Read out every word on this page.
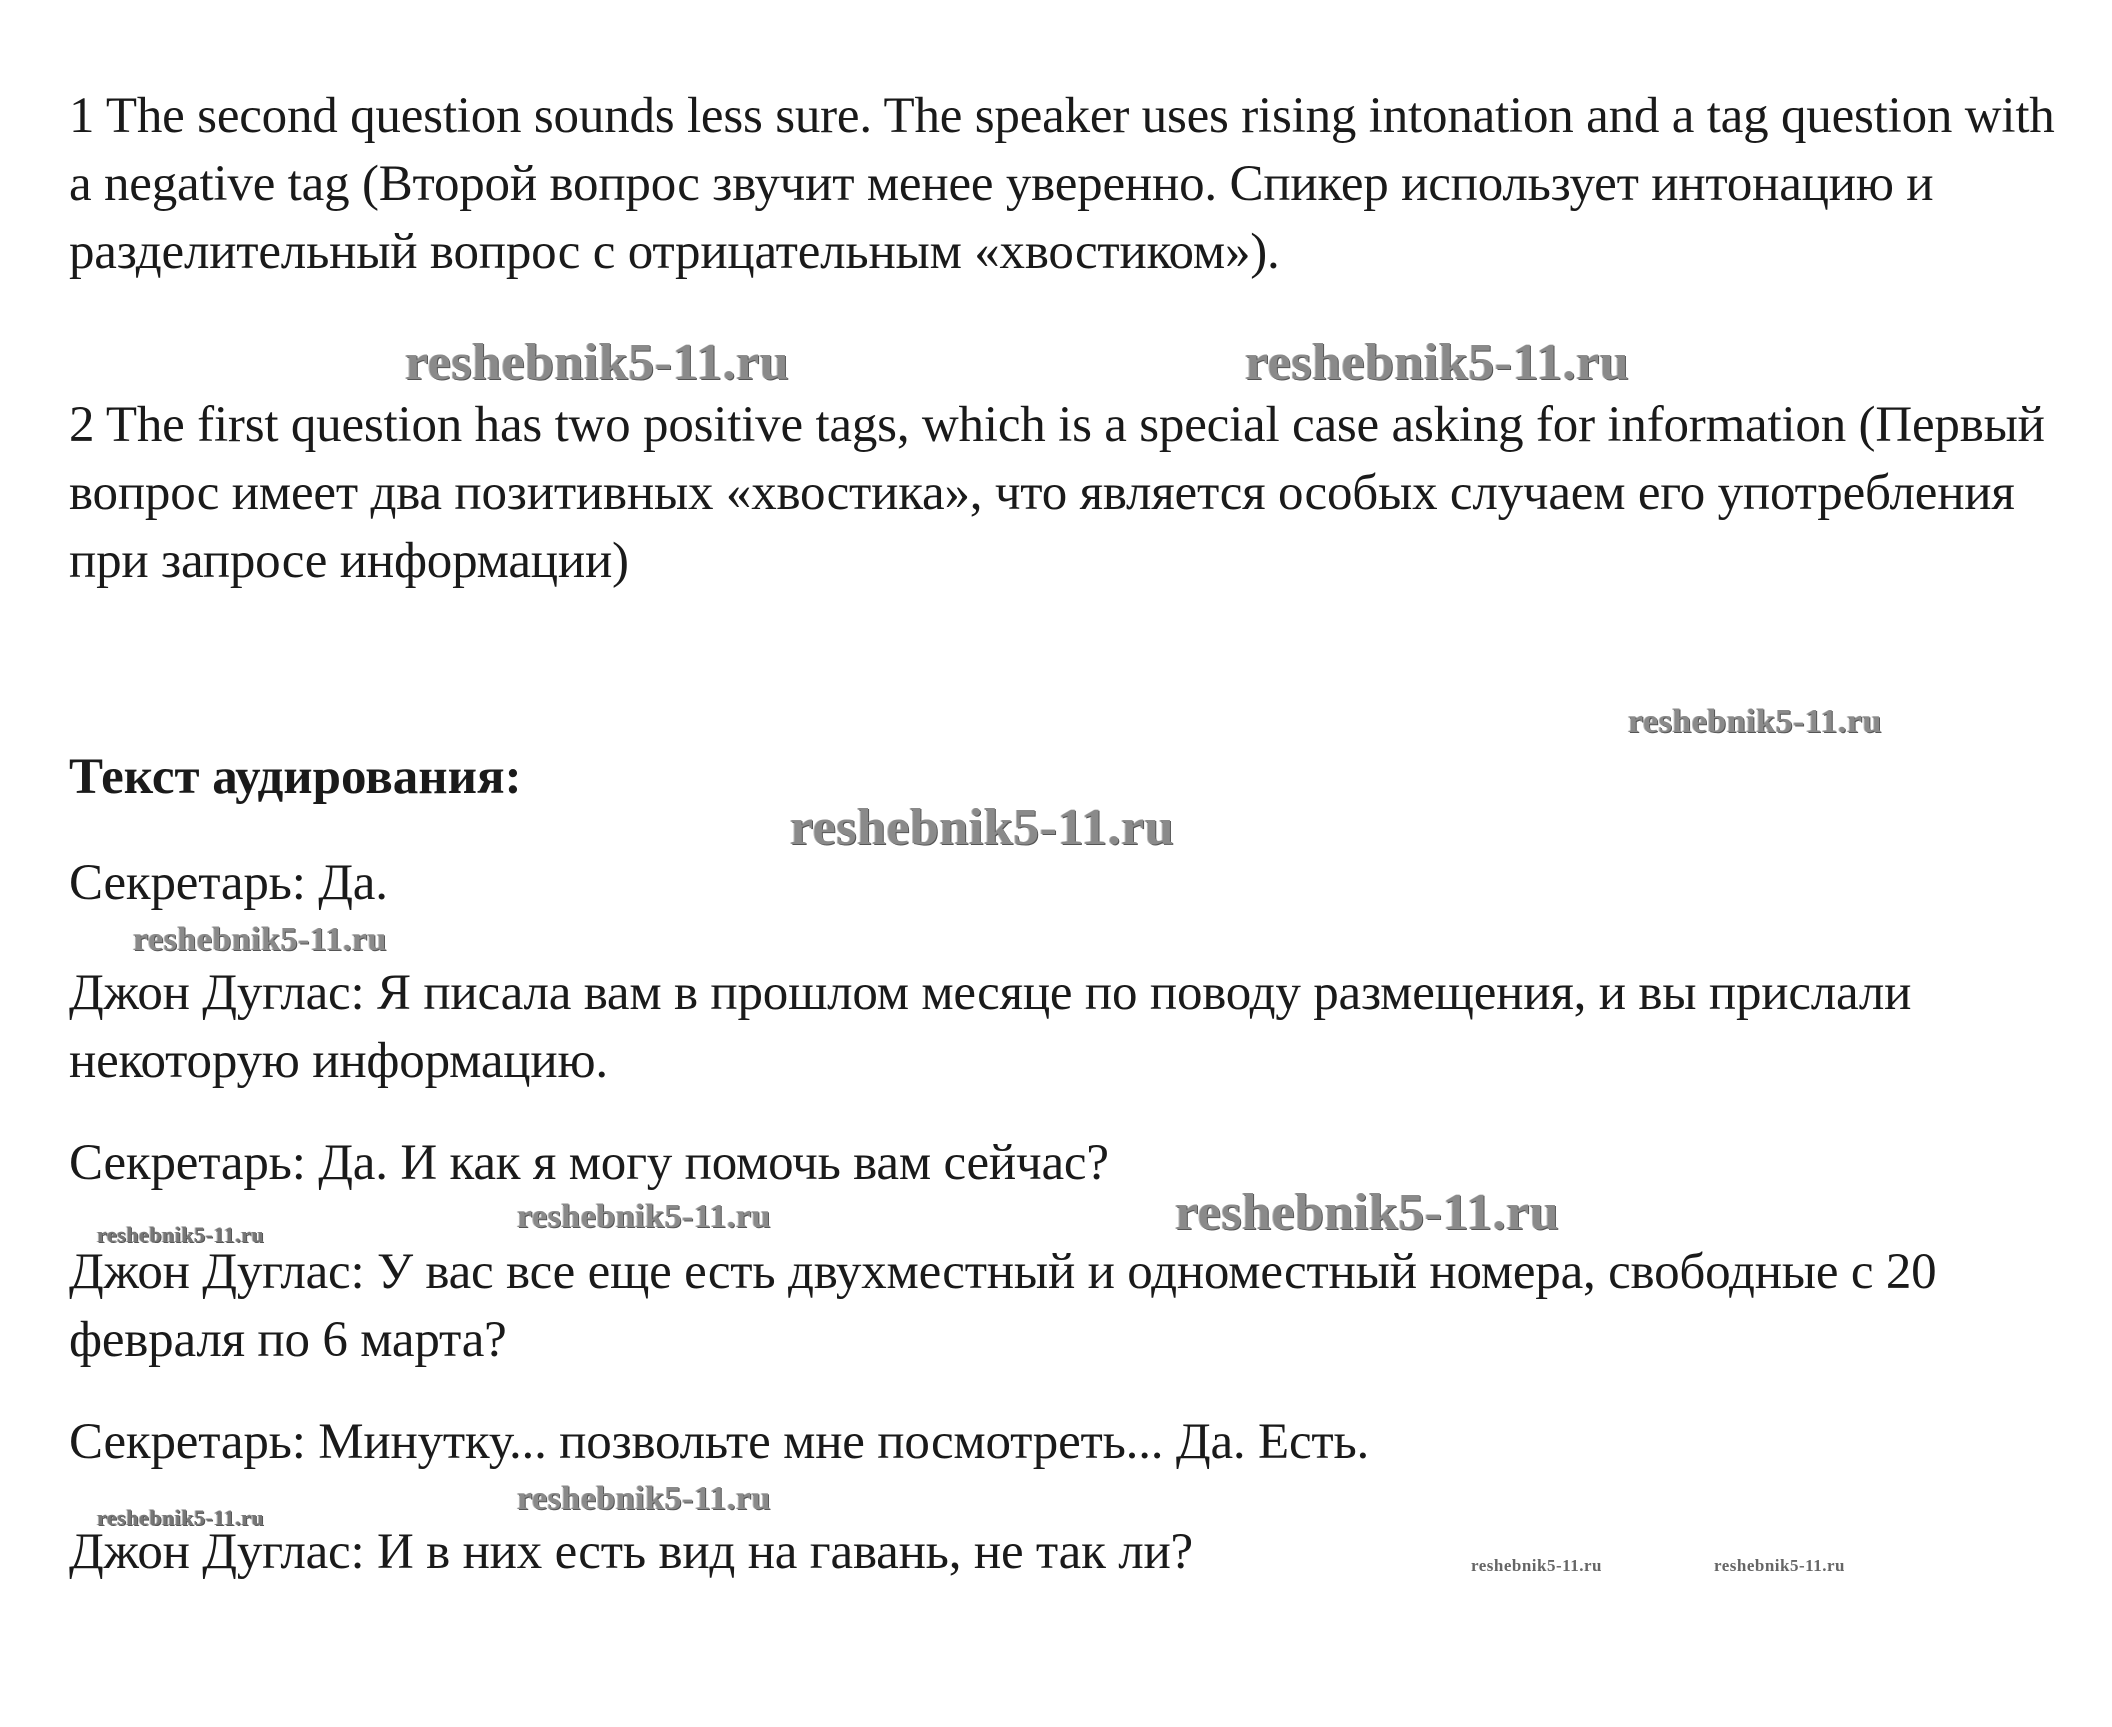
1 The second question sounds less sure. The speaker uses rising intonation and a tag question with a negative tag (Второй вопрос звучит менее уверенно. Спикер использует интонацию и разделительный вопрос с отрицательным «хвостиком»).

reshebnik5-11.ru	reshebnik5-11.ru

2 The first question has two positive tags, which is a special case asking for information (Первый вопрос имеет два позитивных «хвостика», что является особых случаем его употребления при запросе информации)

reshebnik5-11.ru
Текст аудирования:
reshebnik5-11.ru

Секретарь: Да.

reshebnik5-11.ru

Джон Дуглас: Я писала вам в прошлом месяце по поводу размещения, и вы прислали некоторую информацию.

Секретарь: Да. И как я могу помочь вам сейчас?

reshebnik5-11.ru	reshebnik5-11.ru	reshebnik5-11.ru

Джон Дуглас: У вас все еще есть двухместный и одноместный номера, свободные с 20 февраля по 6 марта?

Секретарь: Минутку... позвольте мне посмотреть... Да. Есть.

reshebnik5-11.ru
reshebnik5-11.ru

Джон Дуглас: И в них есть вид на гавань, не так ли?	reshebnik5-11.ru	reshebnik5-11.ru
